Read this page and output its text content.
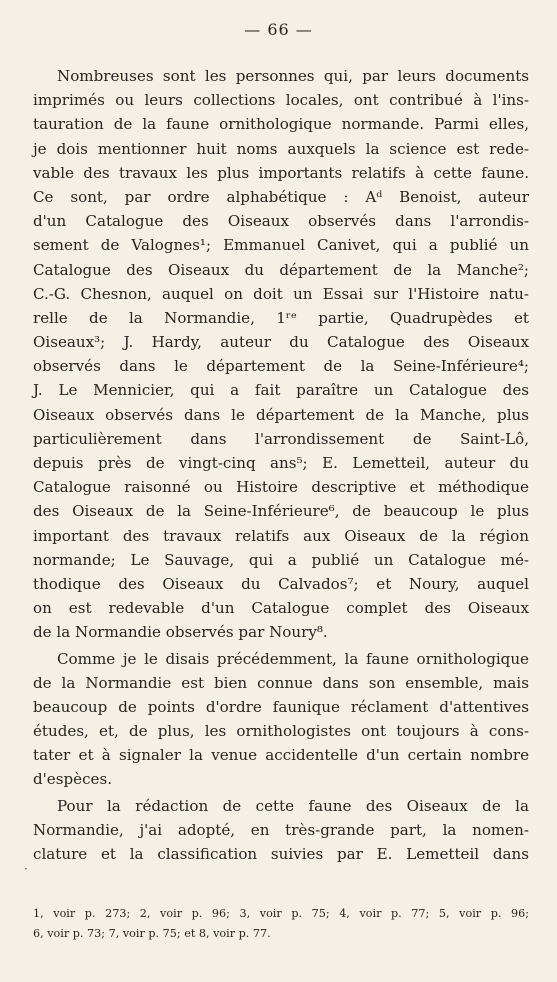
— 66 —
Nombreuses sont les personnes qui, par leurs documents
imprimés ou leurs collections locales, ont contribué à l'ins-
tauration de la faune ornithologique normande. Parmi elles,
je dois mentionner huit noms auxquels la science est rede-
vable des travaux les plus importants relatifs à cette faune.
Ce sont, par ordre alphabétique : Aᵈ Benoist, auteur
d'un Catalogue des Oiseaux observés dans l'arrondis-
sement de Valognes¹; Emmanuel Canivet, qui a publié un
Catalogue des Oiseaux du département de la Manche²;
C.-G. Chesnon, auquel on doit un Essai sur l'Histoire natu-
relle de la Normandie, 1ʳᵉ partie, Quadrupèdes et
Oiseaux³; J. Hardy, auteur du Catalogue des Oiseaux
observés dans le département de la Seine-Inférieure⁴;
J. Le Mennicier, qui a fait paraître un Catalogue des
Oiseaux observés dans le département de la Manche, plus
particulièrement dans l'arrondissement de Saint-Lô,
depuis près de vingt-cinq ans⁵; E. Lemetteil, auteur du
Catalogue raisonné ou Histoire descriptive et méthodique
des Oiseaux de la Seine-Inférieure⁶, de beaucoup le plus
important des travaux relatifs aux Oiseaux de la région
normande; Le Sauvage, qui a publié un Catalogue mé-
thodique des Oiseaux du Calvados⁷; et Noury, auquel
on est redevable d'un Catalogue complet des Oiseaux
de la Normandie observés par Noury⁸.
Comme je le disais précédemment, la faune ornithologique
de la Normandie est bien connue dans son ensemble, mais
beaucoup de points d'ordre faunique réclament d'attentives
études, et, de plus, les ornithologistes ont toujours à cons-
tater et à signaler la venue accidentelle d'un certain nombre
d'espèces.
Pour la rédaction de cette faune des Oiseaux de la
Normandie, j'ai adopté, en très-grande part, la nomen-
clature et la classification suivies par E. Lemetteil dans
·
1, voir p. 273; 2, voir p. 96; 3, voir p. 75; 4, voir p. 77; 5, voir p. 96;
6, voir p. 73; 7, voir p. 75; et 8, voir p. 77.
